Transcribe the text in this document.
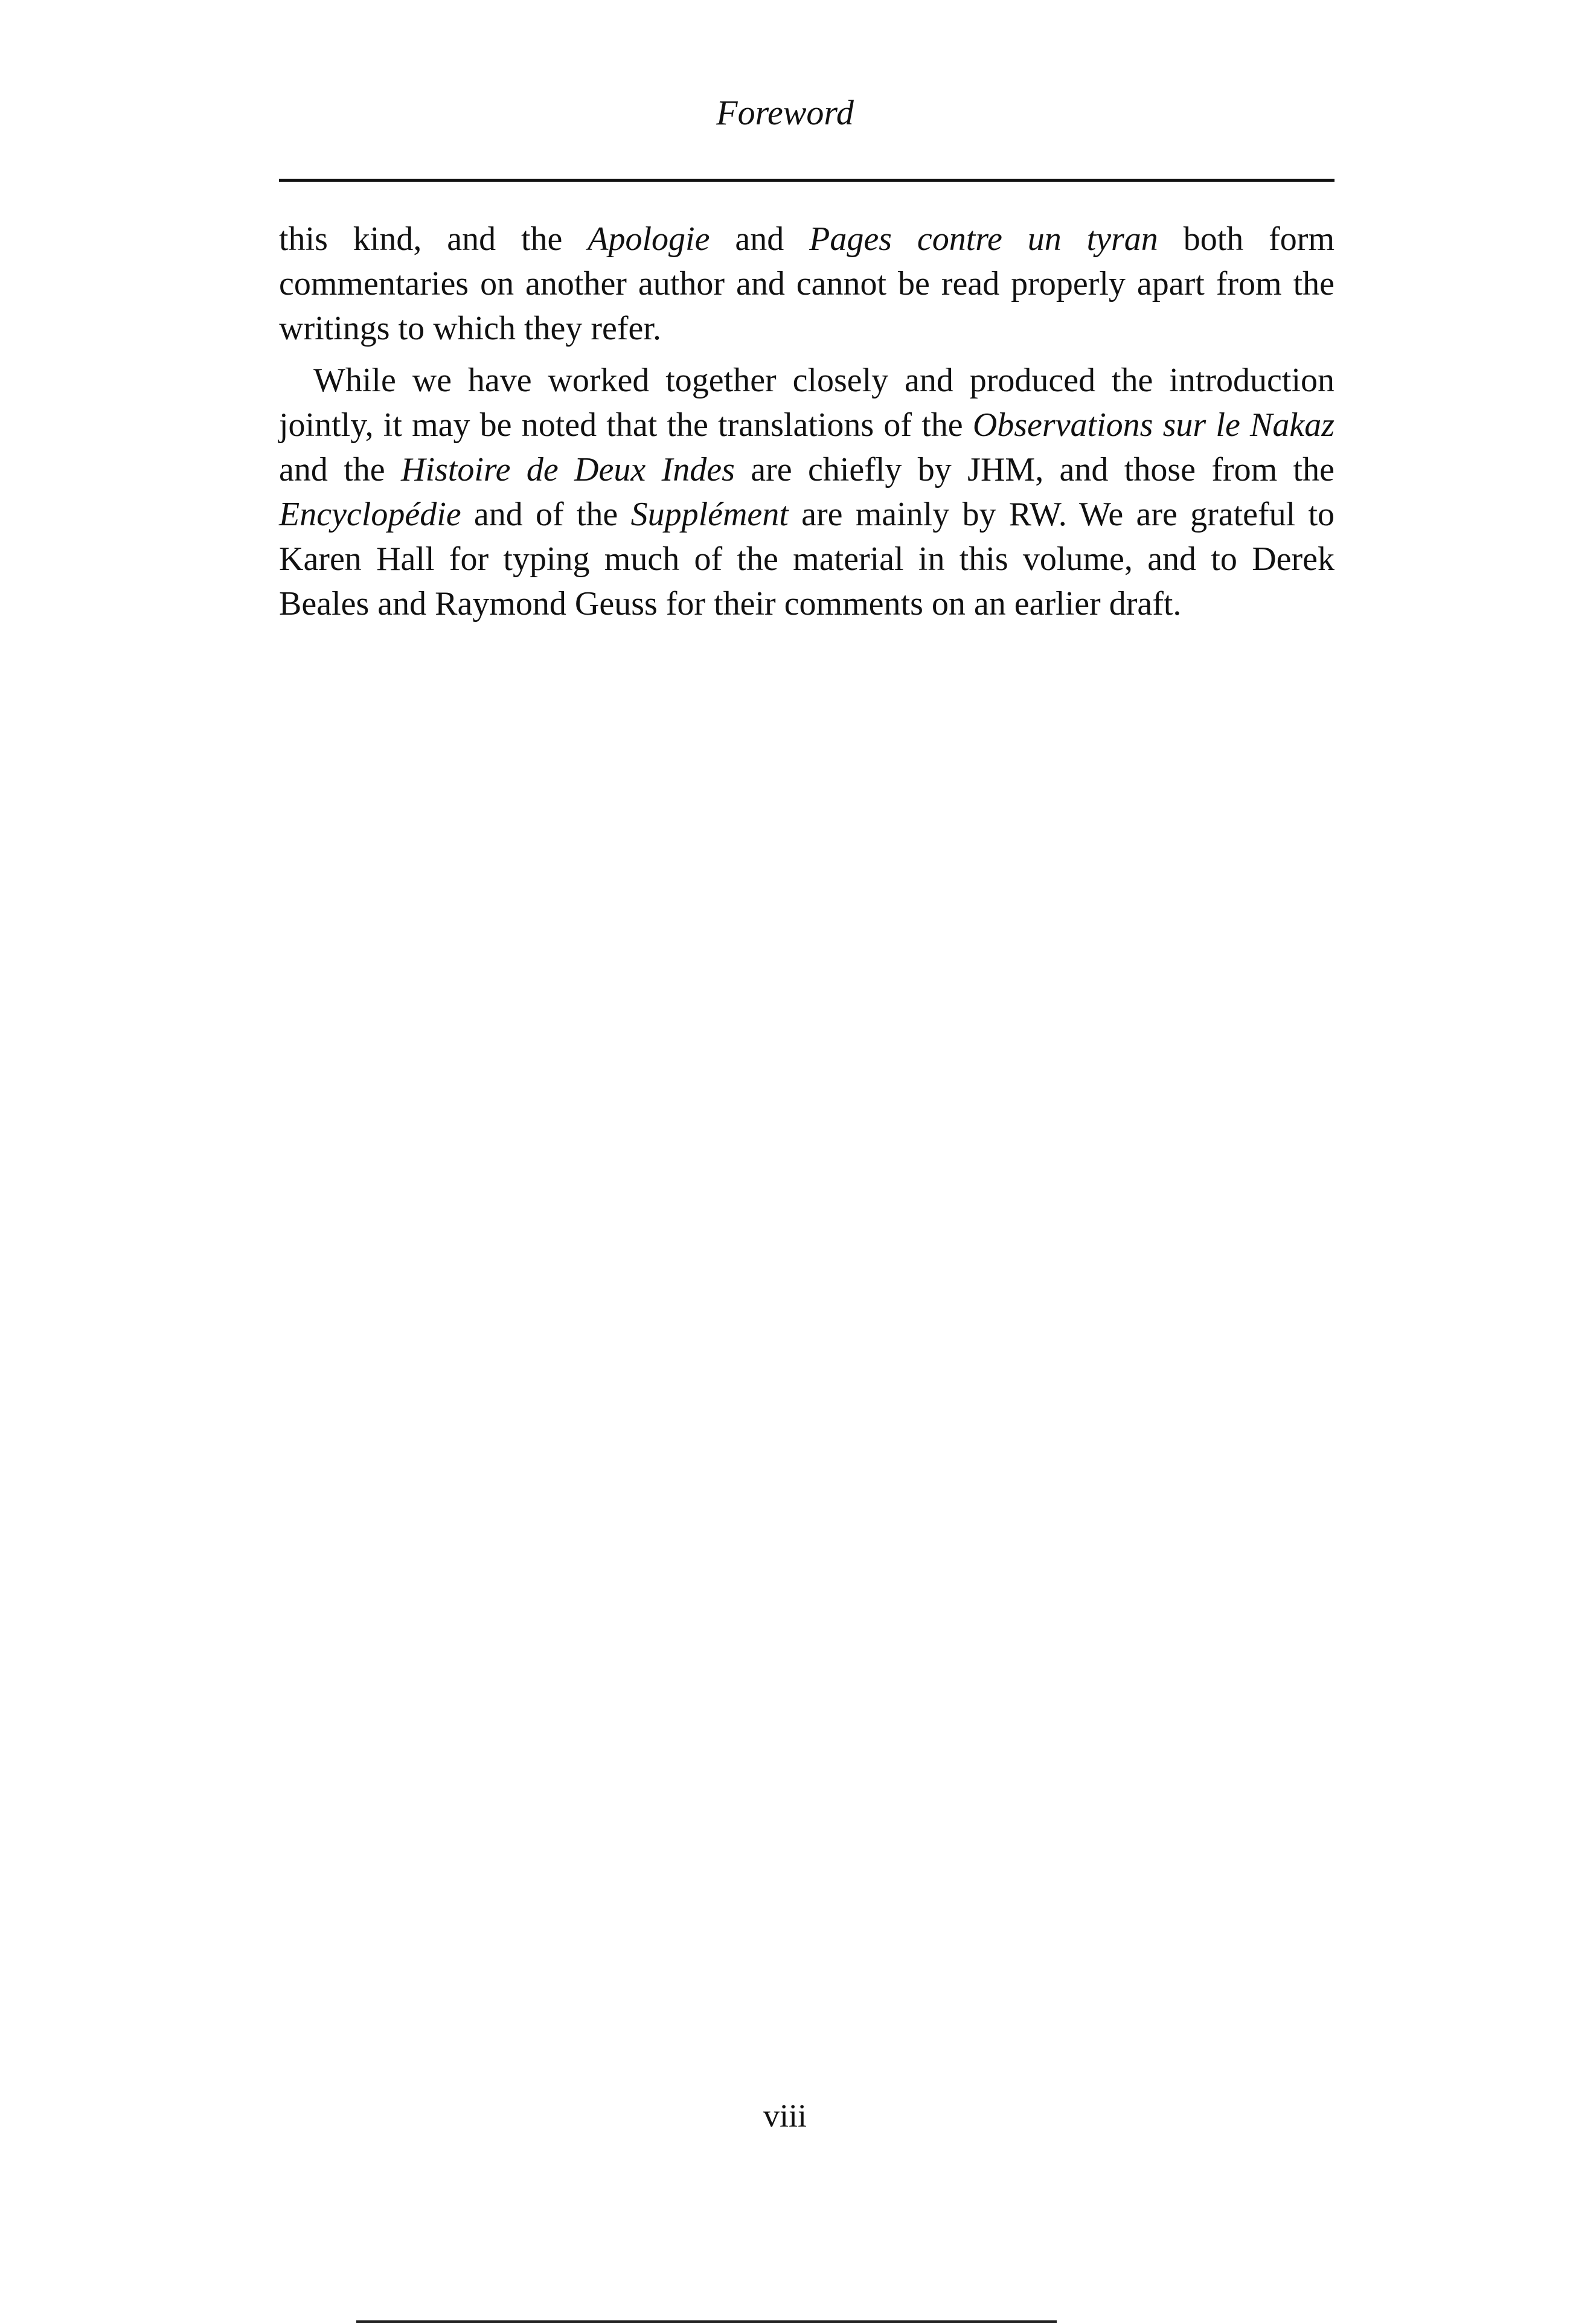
Foreword

this kind, and the Apologie and Pages contre un tyran both form commentaries on another author and cannot be read properly apart from the writings to which they refer.

While we have worked together closely and produced the introduction jointly, it may be noted that the translations of the Observations sur le Nakaz and the Histoire de Deux Indes are chiefly by JHM, and those from the Encyclopédie and of the Supplément are mainly by RW. We are grateful to Karen Hall for typing much of the material in this volume, and to Derek Beales and Raymond Geuss for their comments on an earlier draft.

viii
